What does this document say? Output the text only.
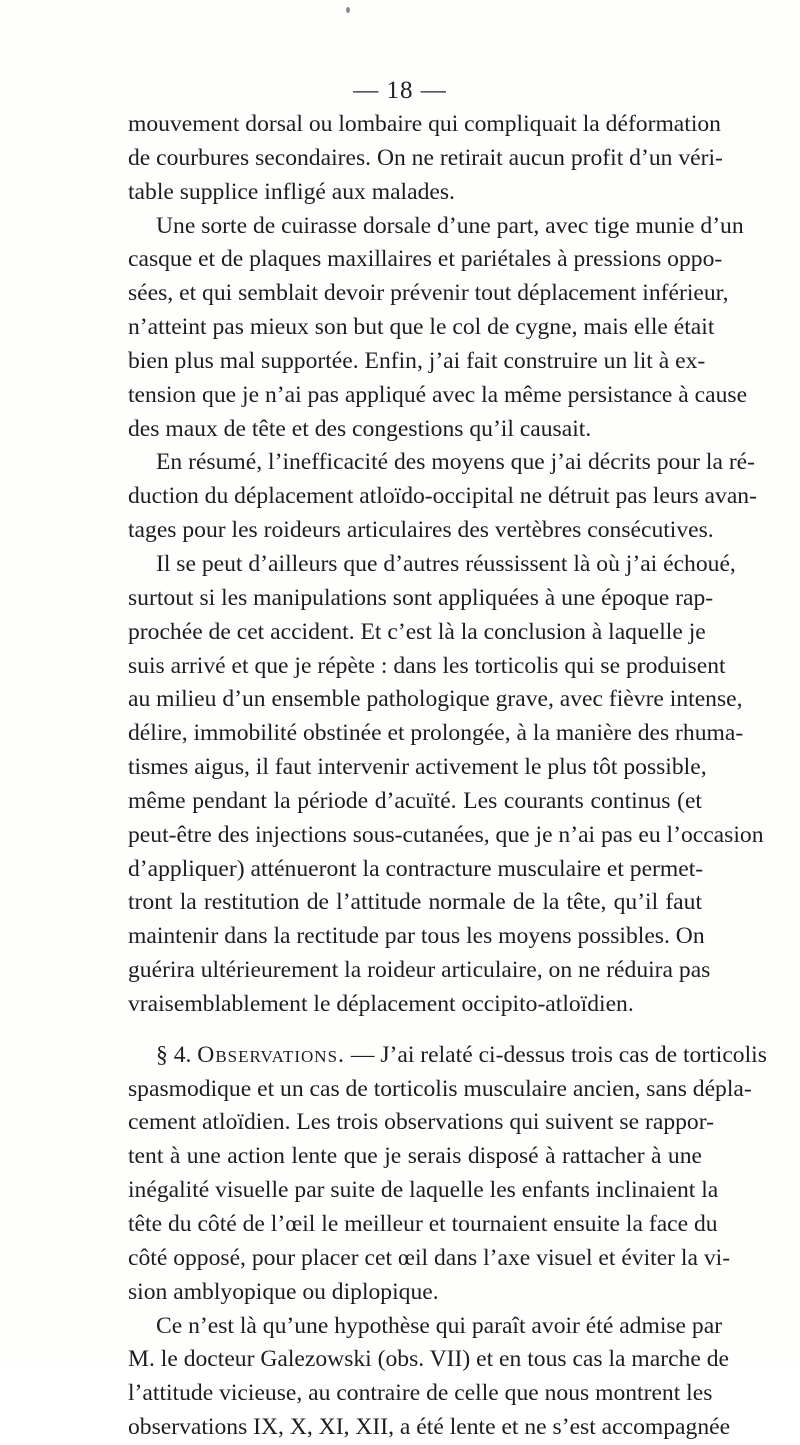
— 18 —
mouvement dorsal ou lombaire qui compliquait la déformation
de courbures secondaires. On ne retirait aucun profit d’un véri-
table supplice infligé aux malades.
Une sorte de cuirasse dorsale d’une part, avec tige munie d’un
casque et de plaques maxillaires et pariétales à pressions oppo-
sées, et qui semblait devoir prévenir tout déplacement inférieur,
n’atteint pas mieux son but que le col de cygne, mais elle était
bien plus mal supportée. Enfin, j’ai fait construire un lit à ex-
tension que je n’ai pas appliqué avec la même persistance à cause
des maux de tête et des congestions qu’il causait.
En résumé, l’inefficacité des moyens que j’ai décrits pour la ré-
duction du déplacement atloïdo-occipital ne détruit pas leurs avan-
tages pour les roideurs articulaires des vertèbres consécutives.
Il se peut d’ailleurs que d’autres réussissent là où j’ai échoué,
surtout si les manipulations sont appliquées à une époque rap-
prochée de cet accident. Et c’est là la conclusion à laquelle je
suis arrivé et que je répète : dans les torticolis qui se produisent
au milieu d’un ensemble pathologique grave, avec fièvre intense,
délire, immobilité obstinée et prolongée, à la manière des rhuma-
tismes aigus, il faut intervenir activement le plus tôt possible,
même pendant la période d’acuïté. Les courants continus (et
peut-être des injections sous-cutanées, que je n’ai pas eu l’occasion
d’appliquer) atténueront la contracture musculaire et permet-
tront la restitution de l’attitude normale de la tête, qu’il faut
maintenir dans la rectitude par tous les moyens possibles. On
guérira ultérieurement la roideur articulaire, on ne réduira pas
vraisemblablement le déplacement occipito-atloïdien.
§ 4. Observations. — J’ai relaté ci-dessus trois cas de torticolis
spasmodique et un cas de torticolis musculaire ancien, sans dépla-
cement atloïdien. Les trois observations qui suivent se rappor-
tent à une action lente que je serais disposé à rattacher à une
inégalité visuelle par suite de laquelle les enfants inclinaient la
tête du côté de l’œil le meilleur et tournaient ensuite la face du
côté opposé, pour placer cet œil dans l’axe visuel et éviter la vi-
sion amblyopique ou diplopique.
Ce n’est là qu’une hypothèse qui paraît avoir été admise par
M. le docteur Galezowski (obs. VII) et en tous cas la marche de
l’attitude vicieuse, au contraire de celle que nous montrent les
observations IX, X, XI, XII, a été lente et ne s’est accompagnée
